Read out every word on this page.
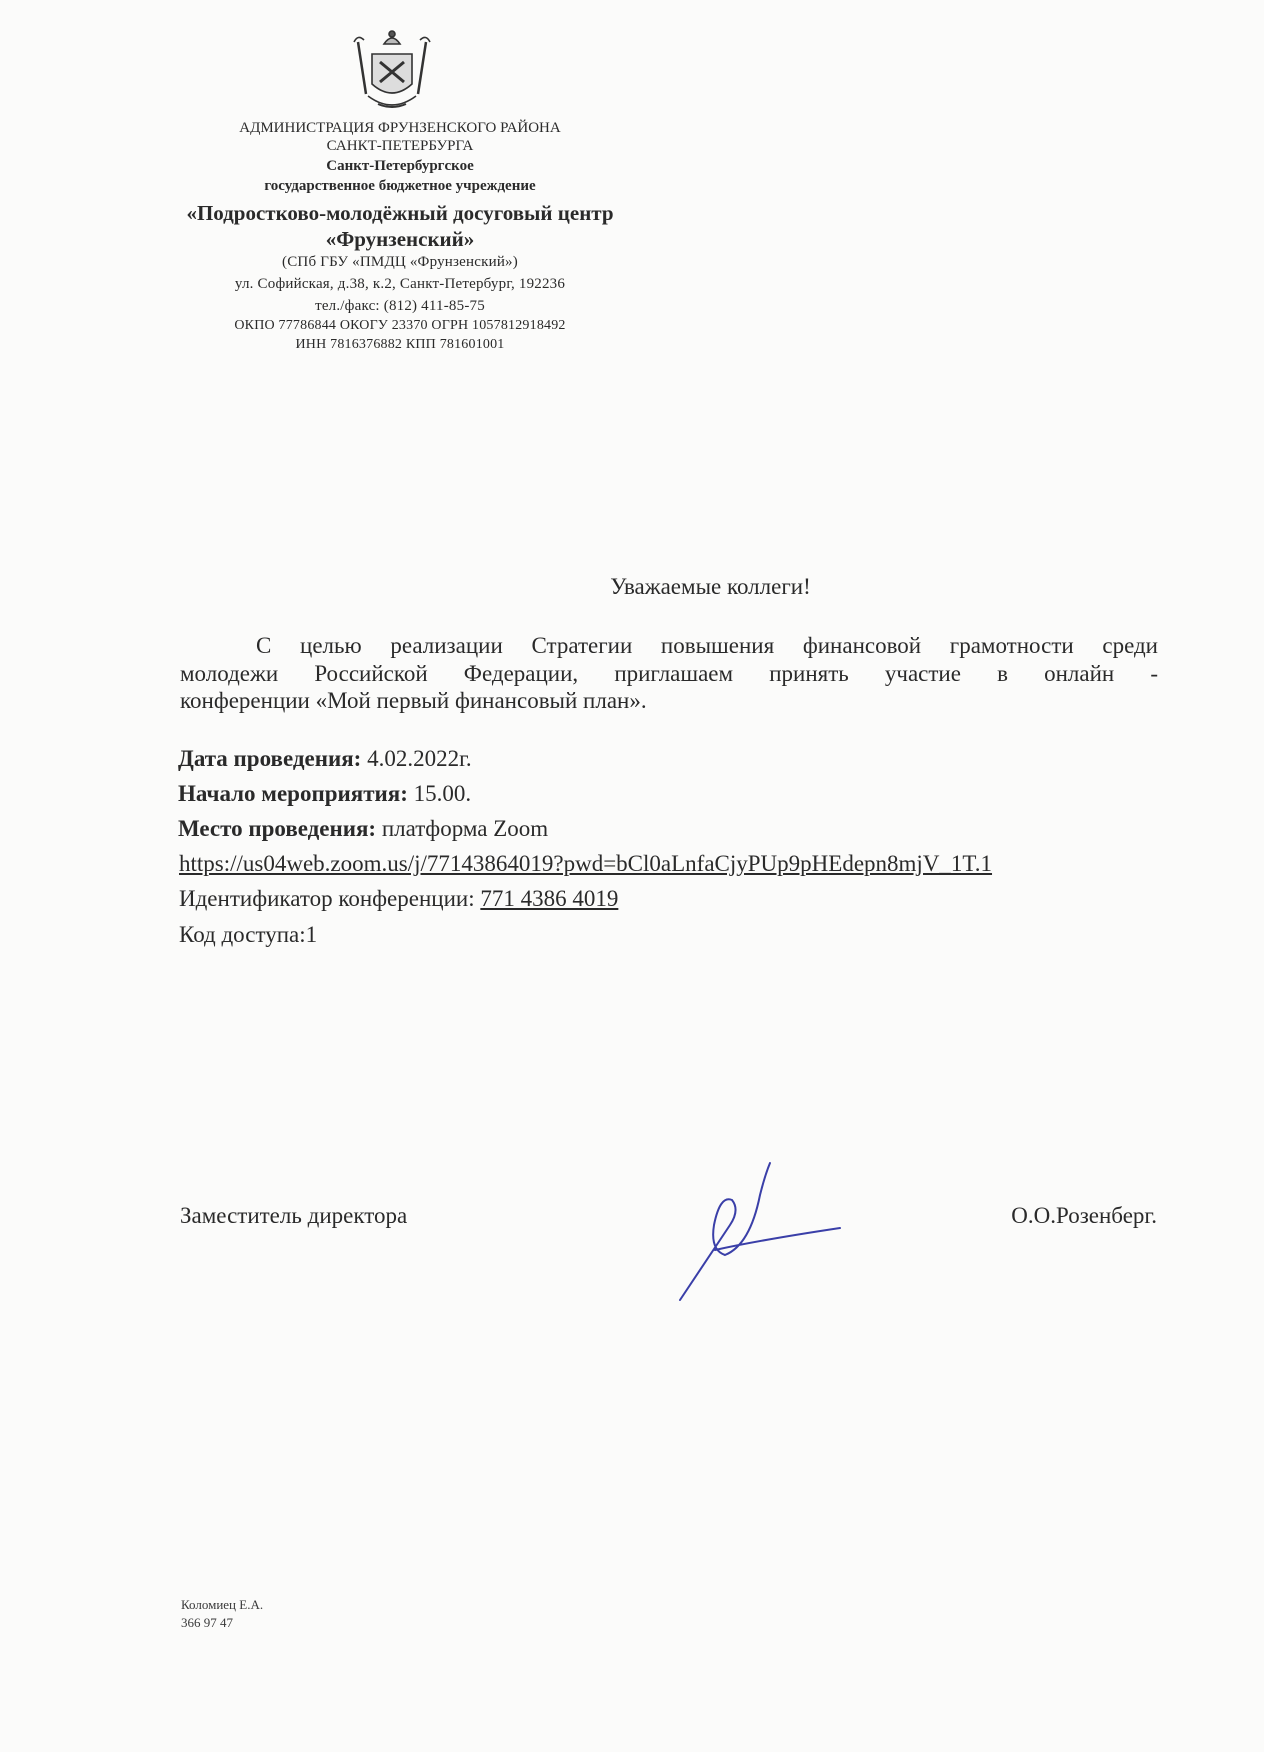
АДМИНИСТРАЦИЯ ФРУНЗЕНСКОГО РАЙОНА
САНКТ-ПЕТЕРБУРГА
Санкт-Петербургское
государственное бюджетное учреждение
«Подростково-молодёжный досуговый центр
«Фрунзенский»
(СПб ГБУ «ПМДЦ «Фрунзенский»)
ул. Софийская, д.38, к.2, Санкт-Петербург, 192236
тел./факс: (812) 411-85-75
ОКПО 77786844 ОКОГУ 23370 ОГРН 1057812918492
ИНН 7816376882 КПП 781601001
Уважаемые коллеги!
С целью реализации Стратегии повышения финансовой грамотности среди
молодежи Российской Федерации, приглашаем принять участие в онлайн -
конференции «Мой первый финансовый план».
Дата проведения: 4.02.2022г.
Начало мероприятия: 15.00.
Место проведения: платформа Zoom
https://us04web.zoom.us/j/77143864019?pwd=bCl0aLnfaCjyPUp9pHEdepn8mjV_1T.1
Идентификатор конференции: 771 4386 4019
Код доступа:1
Заместитель директора	О.О.Розенберг.
Коломиец Е.А.
366 97 47
